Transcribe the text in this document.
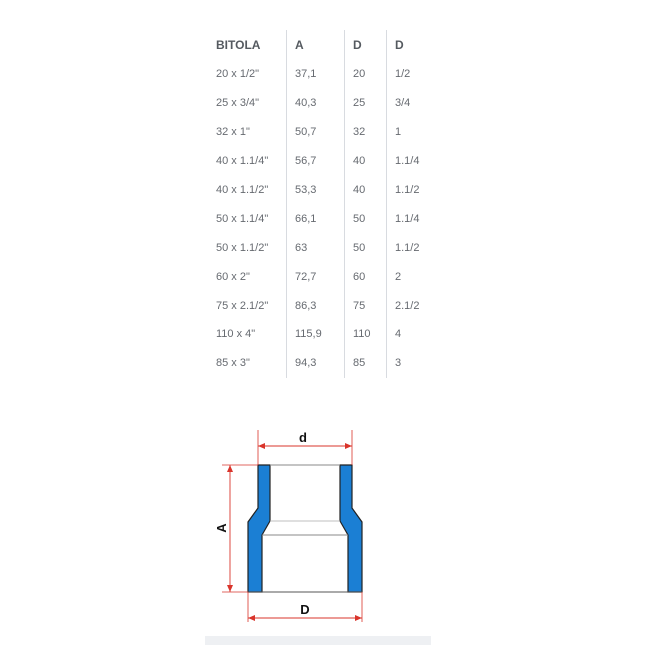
BITOLA	A	D	D
20 x 1/2"	37,1	20	1/2
25 x 3/4"	40,3	25	3/4
32 x 1"	50,7	32	1
40 x 1.1/4"	56,7	40	1.1/4
40 x 1.1/2"	53,3	40	1.1/2
50 x 1.1/4"	66,1	50	1.1/4
50 x 1.1/2"	63	50	1.1/2
60 x 2"	72,7	60	2
75 x 2.1/2"	86,3	75	2.1/2
110 x 4"	115,9	110	4
85 x 3"	94,3	85	3
d
D
A
